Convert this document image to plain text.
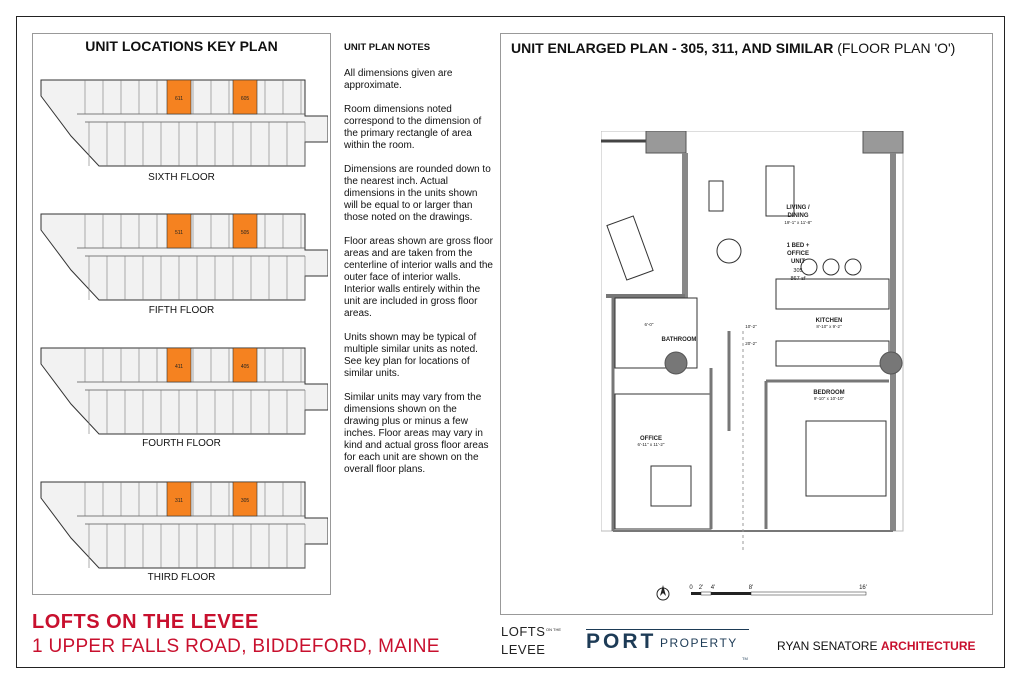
UNIT LOCATIONS KEY PLAN
611	605
SIXTH FLOOR
511	505
FIFTH FLOOR
411	405
FOURTH FLOOR
311	305
THIRD FLOOR
UNIT PLAN NOTES

All dimensions given are approximate.

Room dimensions noted correspond to the dimension of the primary rectangle of area within the room.

Dimensions are rounded down to the nearest inch. Actual dimensions in the units shown will be equal to or larger than those noted on the drawings.

Floor areas shown are gross floor areas and are taken from the centerline of interior walls and the outer face of interior walls. Interior walls entirely within the unit are included in gross floor areas.

Units shown may be typical of multiple similar units as noted. See key plan for locations of similar units.

Similar units may vary from the dimensions shown on the drawing plus or minus a few inches. Floor areas may vary in kind and actual gross floor areas for each unit are shown on the overall floor plans.

UNIT ENLARGED PLAN - 305, 311, AND SIMILAR (FLOOR PLAN 'O')
LIVING /
DINING
19'-1" x 11'-8"
1 BED +
OFFICE
UNIT
305
867 sf
KITCHEN
8'-10" x 9'-2"
BATHROOM
BEDROOM
9'-10" x 10'-10"
OFFICE
6'-11" x 11'-2"
10'-2"
20'-2"
6'-0"
0 2' 4'	8'	16'
LOFTS ON THE LEVEE
1 UPPER FALLS ROAD, BIDDEFORD, MAINE
LOFTS ON THE
LEVEE PORT PROPERTY
TM
RYAN SENATORE ARCHITECTURE
